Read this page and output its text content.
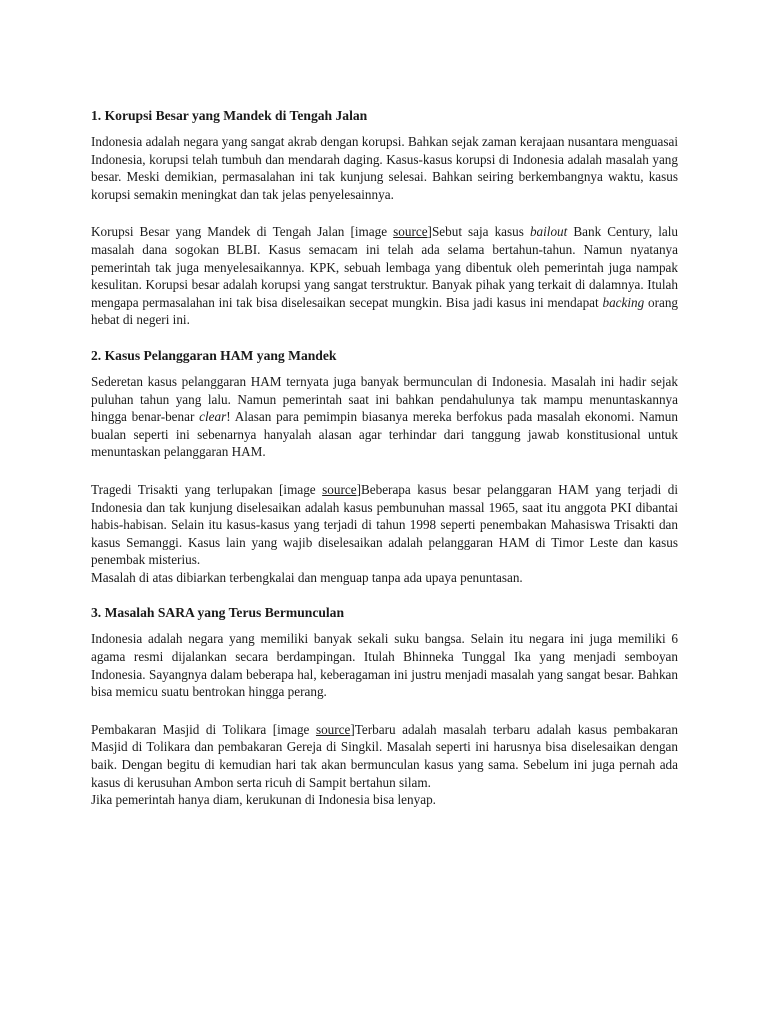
1. Korupsi Besar yang Mandek di Tengah Jalan

Indonesia adalah negara yang sangat akrab dengan korupsi. Bahkan sejak zaman kerajaan nusantara menguasai Indonesia, korupsi telah tumbuh dan mendarah daging. Kasus-kasus korupsi di Indonesia adalah masalah yang besar. Meski demikian, permasalahan ini tak kunjung selesai. Bahkan seiring berkembangnya waktu, kasus korupsi semakin meningkat dan tak jelas penyelesainnya.

Korupsi Besar yang Mandek di Tengah Jalan [image source]Sebut saja kasus bailout Bank Century, lalu masalah dana sogokan BLBI. Kasus semacam ini telah ada selama bertahun-tahun. Namun nyatanya pemerintah tak juga menyelesaikannya. KPK, sebuah lembaga yang dibentuk oleh pemerintah juga nampak kesulitan. Korupsi besar adalah korupsi yang sangat terstruktur. Banyak pihak yang terkait di dalamnya. Itulah mengapa permasalahan ini tak bisa diselesaikan secepat mungkin. Bisa jadi kasus ini mendapat backing orang hebat di negeri ini.

2. Kasus Pelanggaran HAM yang Mandek

Sederetan kasus pelanggaran HAM ternyata juga banyak bermunculan di Indonesia. Masalah ini hadir sejak puluhan tahun yang lalu. Namun pemerintah saat ini bahkan pendahulunya tak mampu menuntaskannya hingga benar-benar clear! Alasan para pemimpin biasanya mereka berfokus pada masalah ekonomi. Namun bualan seperti ini sebenarnya hanyalah alasan agar terhindar dari tanggung jawab konstitusional untuk menuntaskan pelanggaran HAM.

Tragedi Trisakti yang terlupakan [image source]Beberapa kasus besar pelanggaran HAM yang terjadi di Indonesia dan tak kunjung diselesaikan adalah kasus pembunuhan massal 1965, saat itu anggota PKI dibantai habis-habisan. Selain itu kasus-kasus yang terjadi di tahun 1998 seperti penembakan Mahasiswa Trisakti dan kasus Semanggi. Kasus lain yang wajib diselesaikan adalah pelanggaran HAM di Timor Leste dan kasus penembak misterius.

Masalah di atas dibiarkan terbengkalai dan menguap tanpa ada upaya penuntasan.

3. Masalah SARA yang Terus Bermunculan

Indonesia adalah negara yang memiliki banyak sekali suku bangsa. Selain itu negara ini juga memiliki 6 agama resmi dijalankan secara berdampingan. Itulah Bhinneka Tunggal Ika yang menjadi semboyan Indonesia. Sayangnya dalam beberapa hal, keberagaman ini justru menjadi masalah yang sangat besar. Bahkan bisa memicu suatu bentrokan hingga perang.

Pembakaran Masjid di Tolikara [image source]Terbaru adalah masalah terbaru adalah kasus pembakaran Masjid di Tolikara dan pembakaran Gereja di Singkil. Masalah seperti ini harusnya bisa diselesaikan dengan baik. Dengan begitu di kemudian hari tak akan bermunculan kasus yang sama. Sebelum ini juga pernah ada kasus di kerusuhan Ambon serta ricuh di Sampit bertahun silam.

Jika pemerintah hanya diam, kerukunan di Indonesia bisa lenyap.
